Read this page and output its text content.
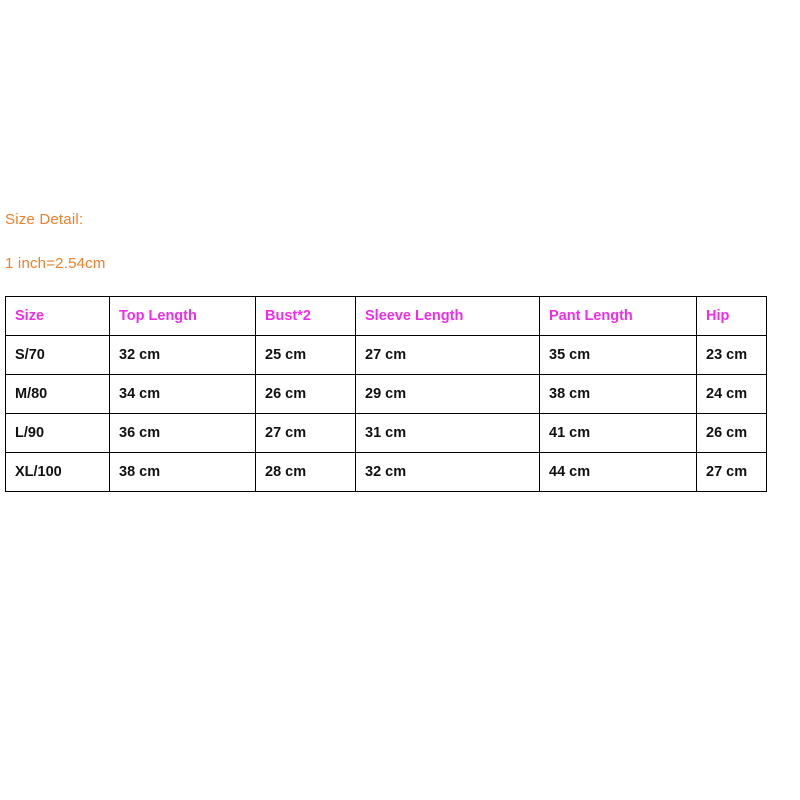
Size Detail:
1 inch=2.54cm
Size	Top Length	Bust*2	Sleeve Length	Pant Length	Hip
S/70	32 cm	25 cm	27 cm	35 cm	23 cm
M/80	34 cm	26 cm	29 cm	38 cm	24 cm
L/90	36 cm	27 cm	31 cm	41 cm	26 cm
XL/100	38 cm	28 cm	32 cm	44 cm	27 cm
